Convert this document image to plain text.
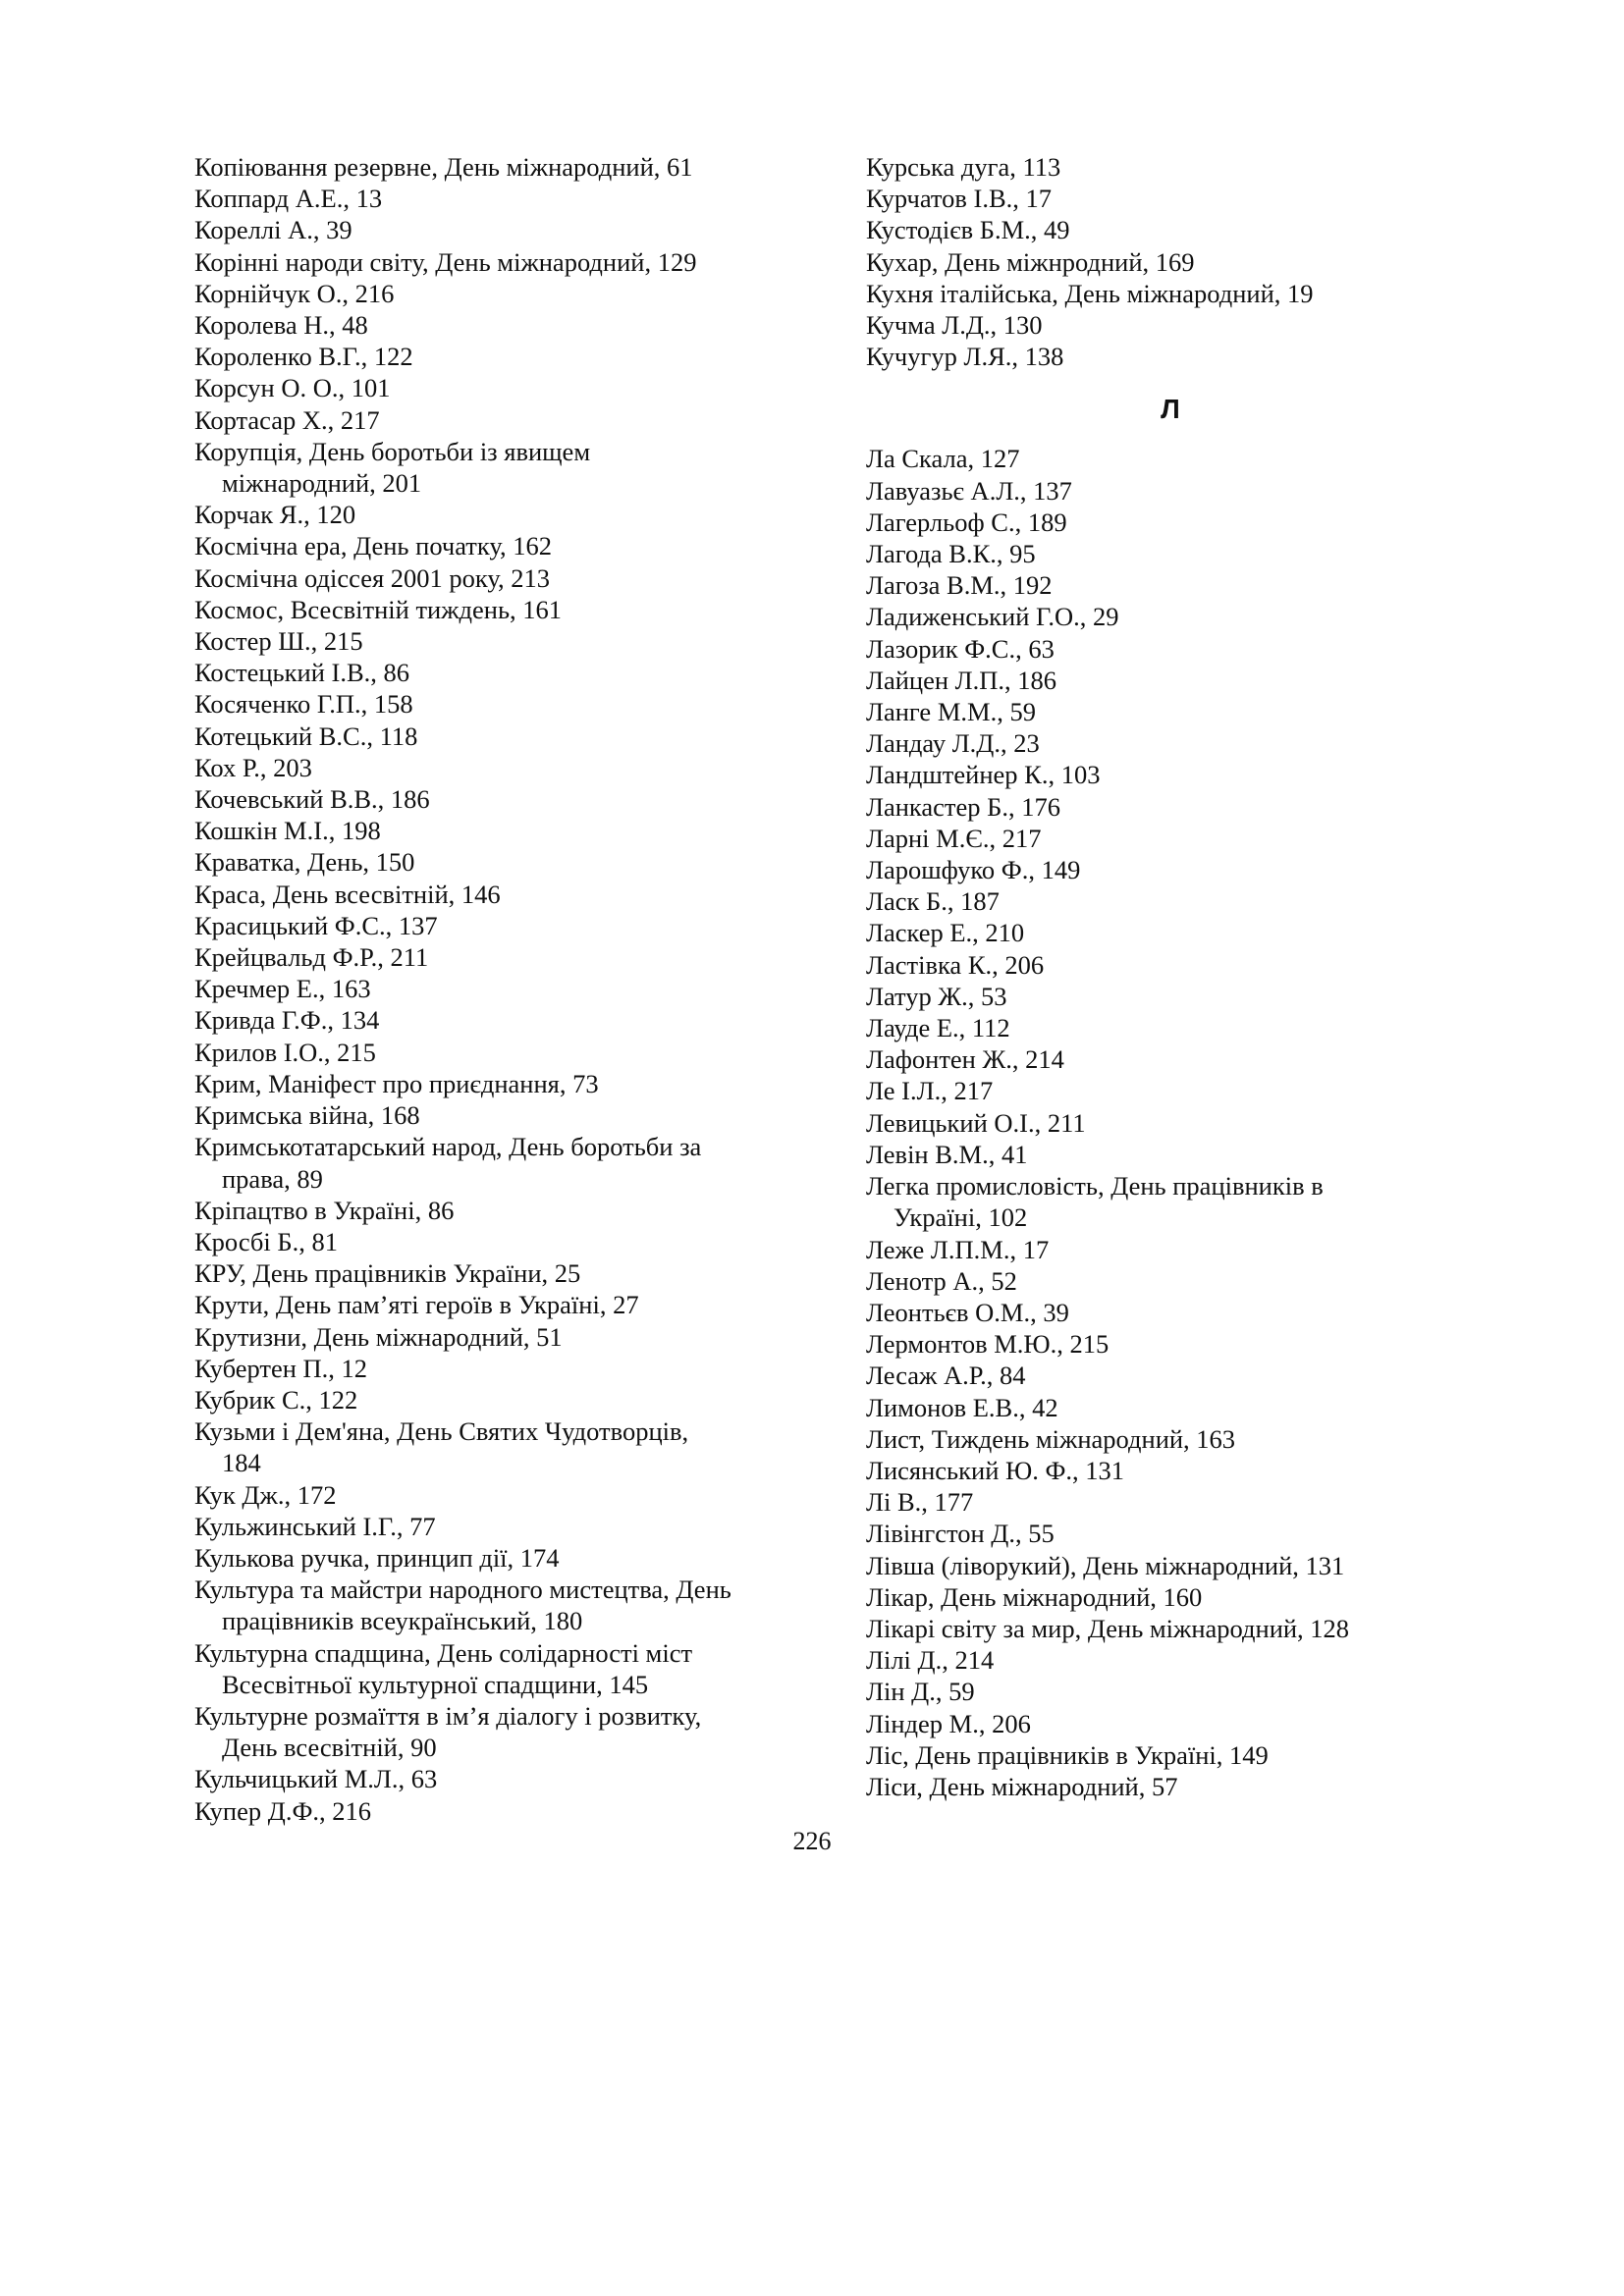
Копіювання резервне, День міжнародний, 61
Коппард А.Е., 13
Кореллі А., 39
Корінні народи світу, День міжнародний, 129
Корнійчук О., 216
Королева Н., 48
Короленко В.Г., 122
Корсун О. О., 101
Кортасар Х., 217
Корупція, День боротьби із явищем
міжнародний, 201
Корчак Я., 120
Космічна ера, День початку, 162
Космічна одіссея 2001 року, 213
Космос, Всесвітній тиждень, 161
Костер Ш., 215
Костецький І.В., 86
Косяченко Г.П., 158
Котецький В.С., 118
Кох Р., 203
Кочевський В.В., 186
Кошкін М.І., 198
Краватка, День, 150
Краса, День всесвітній, 146
Красицький Ф.С., 137
Крейцвальд Ф.Р., 211
Кречмер Е., 163
Кривда Г.Ф., 134
Крилов І.О., 215
Крим, Маніфест про приєднання, 73
Кримська війна, 168
Кримськотатарський народ, День боротьби за
права, 89
Кріпацтво в Україні, 86
Кросбі Б., 81
КРУ, День працівників України, 25
Крути, День пам’яті героїв в Україні, 27
Крутизни, День міжнародний, 51
Кубертен П., 12
Кубрик С., 122
Кузьми і Дем'яна, День Святих Чудотворців,
184
Кук Дж., 172
Кульжинський І.Г., 77
Кулькова ручка, принцип дії, 174
Культура та майстри народного мистецтва, День
працівників всеукраїнський, 180
Культурна спадщина, День солідарності міст
Всесвітньої культурної спадщини, 145
Культурне розмаїття в ім’я діалогу і розвитку,
День всесвітній, 90
Кульчицький М.Л., 63
Купер Д.Ф., 216
Курська дуга, 113
Курчатов І.В., 17
Кустодієв Б.М., 49
Кухар, День міжнродний, 169
Кухня італійська, День міжнародний, 19
Кучма Л.Д., 130
Кучугур Л.Я., 138
Л
Ла Скала, 127
Лавуазьє А.Л., 137
Лагерльоф С., 189
Лагода В.К., 95
Лагоза В.М., 192
Ладиженський Г.О., 29
Лазорик Ф.С., 63
Лайцен Л.П., 186
Ланге М.М., 59
Ландау Л.Д., 23
Ландштейнер К., 103
Ланкастер Б., 176
Ларні М.Є., 217
Ларошфуко Ф., 149
Ласк Б., 187
Ласкер Е., 210
Ластівка К., 206
Латур Ж., 53
Лауде Е., 112
Лафонтен Ж., 214
Ле І.Л., 217
Левицький О.І., 211
Левін В.М., 41
Легка промисловість, День працівників в
Україні, 102
Леже Л.П.М., 17
Ленотр А., 52
Леонтьєв О.М., 39
Лермонтов М.Ю., 215
Лесаж А.Р., 84
Лимонов Е.В., 42
Лист, Тиждень міжнародний, 163
Лисянський Ю. Ф., 131
Лі В., 177
Лівінгстон Д., 55
Лівша (ліворукий), День міжнародний, 131
Лікар, День міжнародний, 160
Лікарі світу за мир, День міжнародний, 128
Лілі Д., 214
Лін Д., 59
Ліндер М., 206
Ліс, День працівників в Україні, 149
Ліси, День міжнародний, 57
226
